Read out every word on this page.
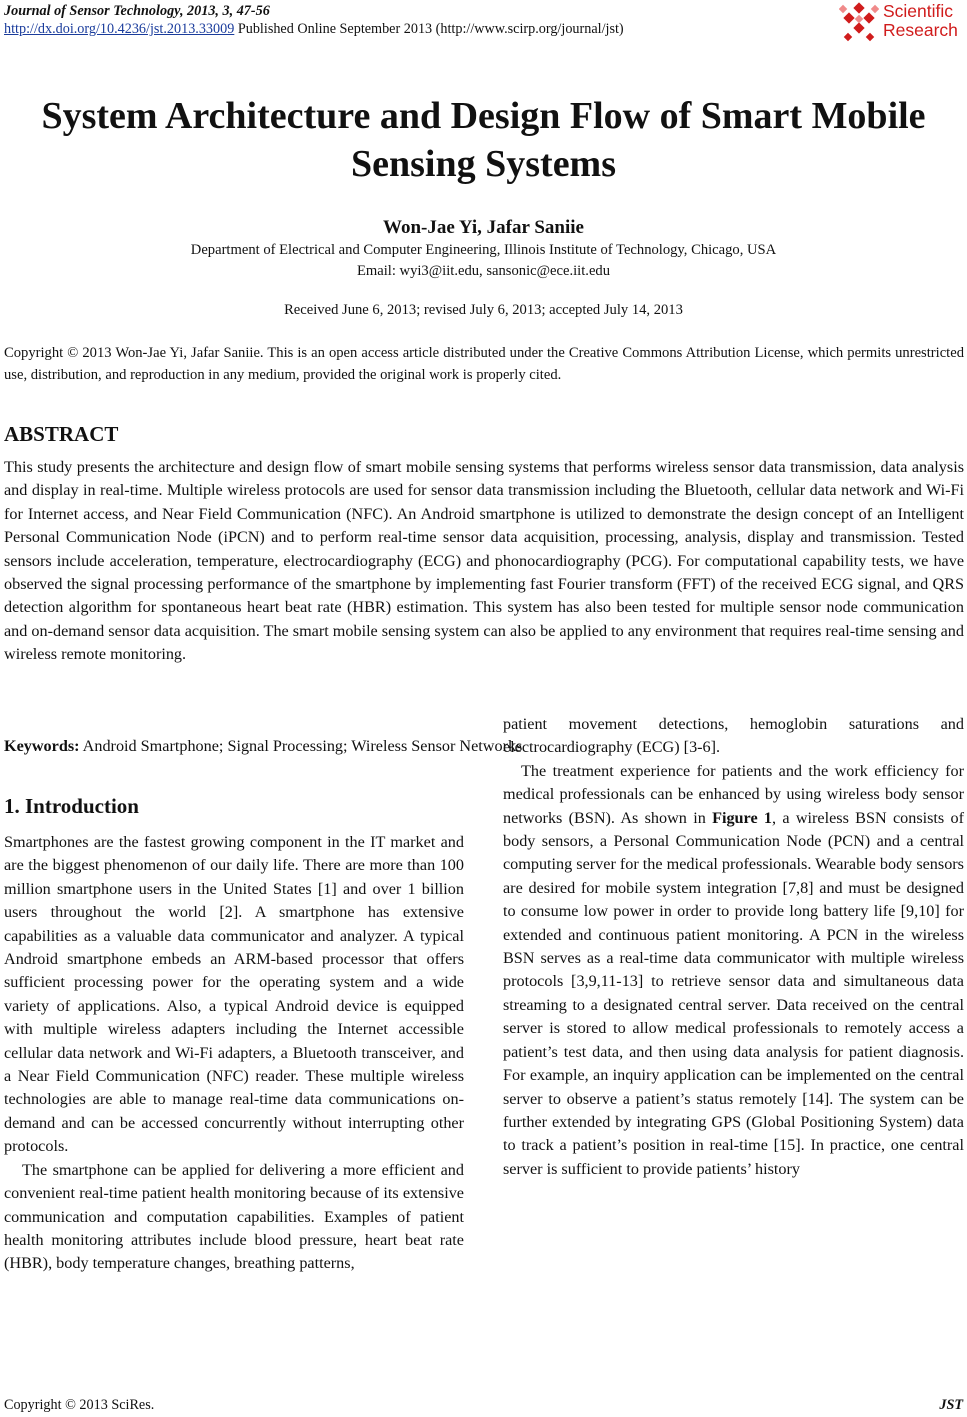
Journal of Sensor Technology, 2013, 3, 47-56
http://dx.doi.org/10.4236/jst.2013.33009 Published Online September 2013 (http://www.scirp.org/journal/jst)
Scientific
Research
System Architecture and Design Flow of Smart Mobile
Sensing Systems
Won-Jae Yi, Jafar Saniie
Department of Electrical and Computer Engineering, Illinois Institute of Technology, Chicago, USA
Email: wyi3@iit.edu, sansonic@ece.iit.edu
Received June 6, 2013; revised July 6, 2013; accepted July 14, 2013

Copyright © 2013 Won-Jae Yi, Jafar Saniie. This is an open access article distributed under the Creative Commons Attribution License, which permits unrestricted use, distribution, and reproduction in any medium, provided the original work is properly cited.

ABSTRACT

This study presents the architecture and design flow of smart mobile sensing systems that performs wireless sensor data transmission, data analysis and display in real-time. Multiple wireless protocols are used for sensor data transmission including the Bluetooth, cellular data network and Wi-Fi for Internet access, and Near Field Communication (NFC). An Android smartphone is utilized to demonstrate the design concept of an Intelligent Personal Communication Node (iPCN) and to perform real-time sensor data acquisition, processing, analysis, display and transmission. Tested sensors include acceleration, temperature, electrocardiography (ECG) and phonocardiography (PCG). For computational capability tests, we have observed the signal processing performance of the smartphone by implementing fast Fourier transform (FFT) of the received ECG signal, and QRS detection algorithm for spontaneous heart beat rate (HBR) estimation. This system has also been tested for multiple sensor node communication and on-demand sensor data acquisition. The smart mobile sensing system can also be applied to any environment that requires real-time sensing and wireless remote monitoring.

Keywords: Android Smartphone; Signal Processing; Wireless Sensor Networks
1. Introduction

Smartphones are the fastest growing component in the IT market and are the biggest phenomenon of our daily life. There are more than 100 million smartphone users in the United States [1] and over 1 billion users throughout the world [2]. A smartphone has extensive capabilities as a valuable data communicator and analyzer. A typical Android smartphone embeds an ARM-based processor that offers sufficient processing power for the operating system and a wide variety of applications. Also, a typical Android device is equipped with multiple wireless adapters including the Internet accessible cellular data network and Wi-Fi adapters, a Bluetooth transceiver, and a Near Field Communication (NFC) reader. These multiple wireless technologies are able to manage real-time data communications on-demand and can be accessed concurrently without interrupting other protocols.

The smartphone can be applied for delivering a more efficient and convenient real-time patient health monitoring because of its extensive communication and computation capabilities. Examples of patient health monitoring attributes include blood pressure, heart beat rate (HBR), body temperature changes, breathing patterns,

patient movement detections, hemoglobin saturations and electrocardiography (ECG) [3-6].

The treatment experience for patients and the work efficiency for medical professionals can be enhanced by using wireless body sensor networks (BSN). As shown in Figure 1, a wireless BSN consists of body sensors, a Personal Communication Node (PCN) and a central computing server for the medical professionals. Wearable body sensors are desired for mobile system integration [7,8] and must be designed to consume low power in order to provide long battery life [9,10] for extended and continuous patient monitoring. A PCN in the wireless BSN serves as a real-time data communicator with multiple wireless protocols [3,9,11-13] to retrieve sensor data and simultaneous data streaming to a designated central server. Data received on the central server is stored to allow medical professionals to remotely access a patient’s test data, and then using data analysis for patient diagnosis. For example, an inquiry application can be implemented on the central server to observe a patient’s status remotely [14]. The system can be further extended by integrating GPS (Global Positioning System) data to track a patient’s position in real-time [15]. In practice, one central server is sufficient to provide patients’ history

Copyright © 2013 SciRes.	JST
